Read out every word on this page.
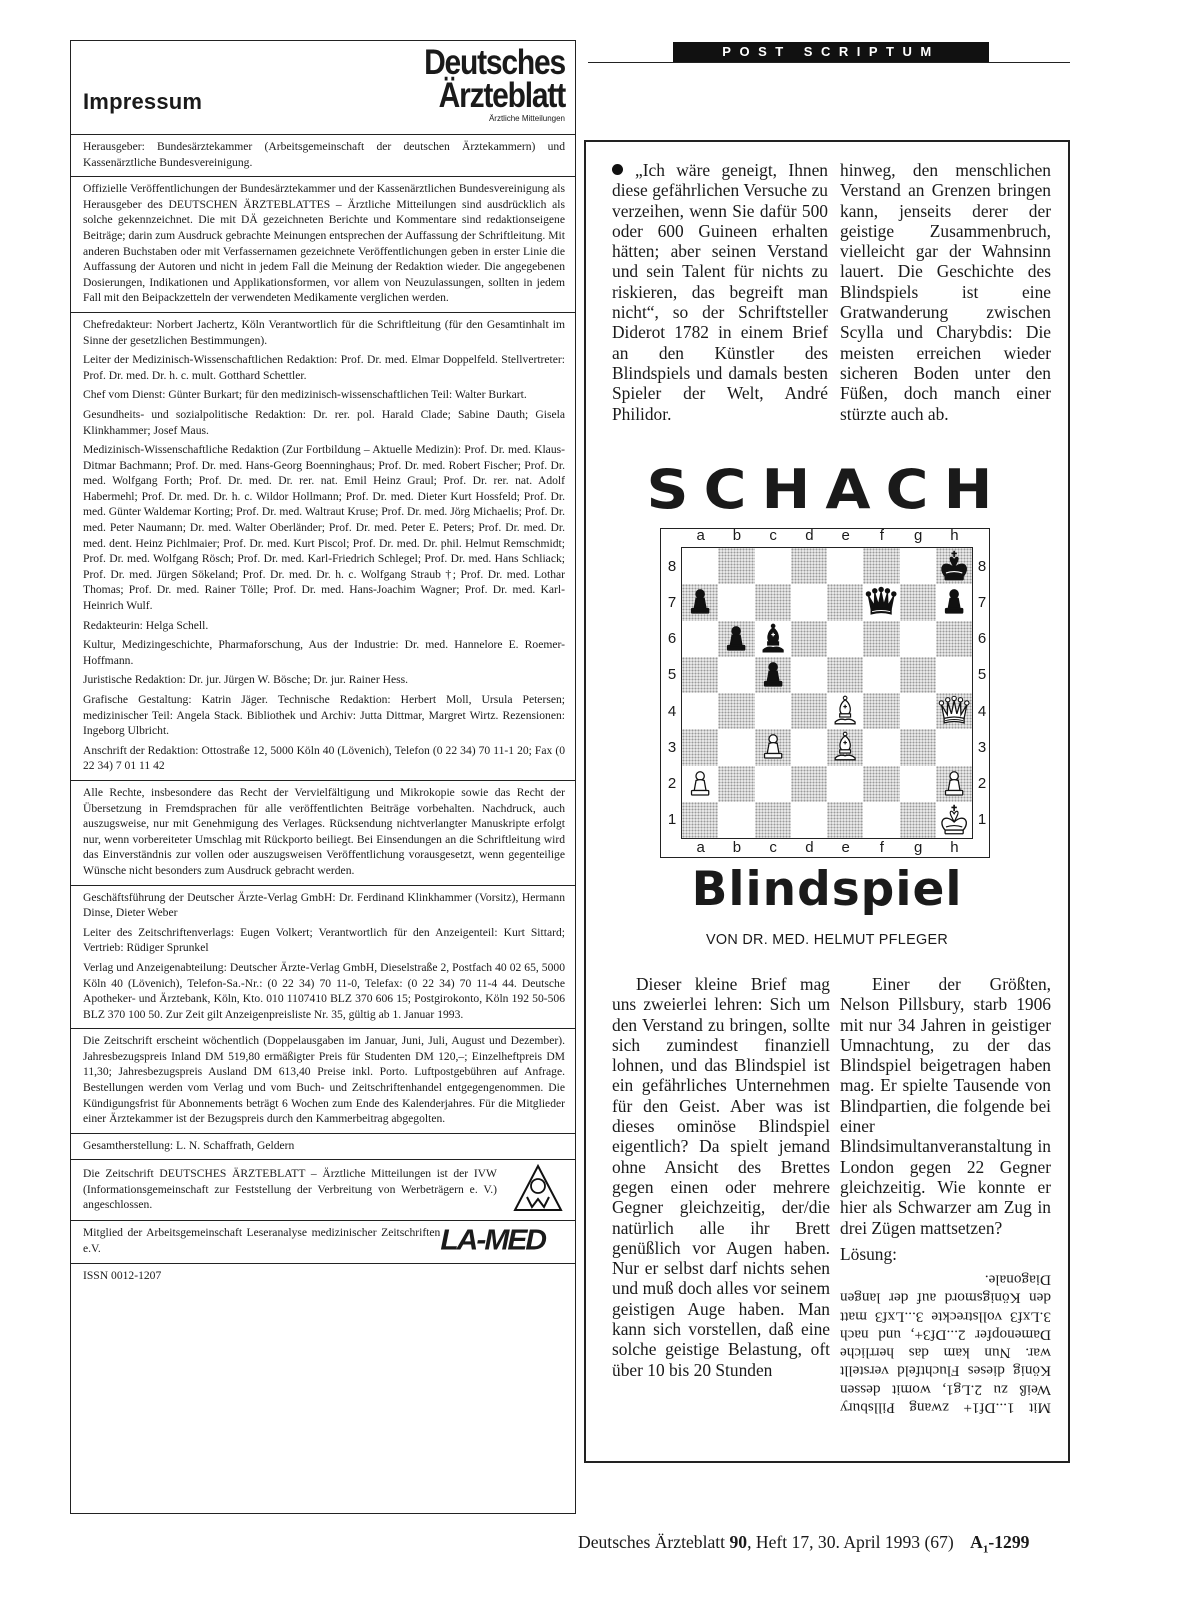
Impressum
Deutsches
Ärzteblatt
Ärztliche Mitteilungen

Herausgeber: Bundesärztekammer (Arbeitsgemeinschaft der deutschen Ärztekammern) und Kassenärztliche Bundesvereinigung.

Offizielle Veröffentlichungen der Bundesärztekammer und der Kassenärztlichen Bundesvereinigung als Herausgeber des DEUTSCHEN ÄRZTEBLATTES – Ärztliche Mitteilungen sind ausdrücklich als solche gekennzeichnet. Die mit DÄ gezeichneten Berichte und Kommentare sind redaktionseigene Beiträge; darin zum Ausdruck gebrachte Meinungen entsprechen der Auffassung der Schriftleitung. Mit anderen Buchstaben oder mit Verfassernamen gezeichnete Veröffentlichungen geben in erster Linie die Auffassung der Autoren und nicht in jedem Fall die Meinung der Redaktion wieder. Die angegebenen Dosierungen, Indikationen und Applikationsformen, vor allem von Neuzulassungen, sollten in jedem Fall mit den Beipackzetteln der verwendeten Medikamente verglichen werden.

Chefredakteur: Norbert Jachertz, Köln Verantwortlich für die Schriftleitung (für den Gesamtinhalt im Sinne der gesetzlichen Bestimmungen).

Leiter der Medizinisch-Wissenschaftlichen Redaktion: Prof. Dr. med. Elmar Doppelfeld. Stellvertreter: Prof. Dr. med. Dr. h. c. mult. Gotthard Schettler.

Chef vom Dienst: Günter Burkart; für den medizinisch-wissenschaftlichen Teil: Walter Burkart.

Gesundheits- und sozialpolitische Redaktion: Dr. rer. pol. Harald Clade; Sabine Dauth; Gisela Klinkhammer; Josef Maus.

Medizinisch-Wissenschaftliche Redaktion (Zur Fortbildung – Aktuelle Medizin): Prof. Dr. med. Klaus-Ditmar Bachmann; Prof. Dr. med. Hans-Georg Boenninghaus; Prof. Dr. med. Robert Fischer; Prof. Dr. med. Wolfgang Forth; Prof. Dr. med. Dr. rer. nat. Emil Heinz Graul; Prof. Dr. rer. nat. Adolf Habermehl; Prof. Dr. med. Dr. h. c. Wildor Hollmann; Prof. Dr. med. Dieter Kurt Hossfeld; Prof. Dr. med. Günter Waldemar Korting; Prof. Dr. med. Waltraut Kruse; Prof. Dr. med. Jörg Michaelis; Prof. Dr. med. Peter Naumann; Dr. med. Walter Oberländer; Prof. Dr. med. Peter E. Peters; Prof. Dr. med. Dr. med. dent. Heinz Pichlmaier; Prof. Dr. med. Kurt Piscol; Prof. Dr. med. Dr. phil. Helmut Remschmidt; Prof. Dr. med. Wolfgang Rösch; Prof. Dr. med. Karl-Friedrich Schlegel; Prof. Dr. med. Hans Schliack; Prof. Dr. med. Jürgen Sökeland; Prof. Dr. med. Dr. h. c. Wolfgang Straub †; Prof. Dr. med. Lothar Thomas; Prof. Dr. med. Rainer Tölle; Prof. Dr. med. Hans-Joachim Wagner; Prof. Dr. med. Karl-Heinrich Wulf.

Redakteurin: Helga Schell.

Kultur, Medizingeschichte, Pharmaforschung, Aus der Industrie: Dr. med. Hannelore E. Roemer-Hoffmann.

Juristische Redaktion: Dr. jur. Jürgen W. Bösche; Dr. jur. Rainer Hess.

Grafische Gestaltung: Katrin Jäger. Technische Redaktion: Herbert Moll, Ursula Petersen; medizinischer Teil: Angela Stack. Bibliothek und Archiv: Jutta Dittmar, Margret Wirtz. Rezensionen: Ingeborg Ulbricht.

Anschrift der Redaktion: Ottostraße 12, 5000 Köln 40 (Lövenich), Telefon (0 22 34) 70 11-1 20; Fax (0 22 34) 7 01 11 42

Alle Rechte, insbesondere das Recht der Vervielfältigung und Mikrokopie sowie das Recht der Übersetzung in Fremdsprachen für alle veröffentlichten Beiträge vorbehalten. Nachdruck, auch auszugsweise, nur mit Genehmigung des Verlages. Rücksendung nichtverlangter Manuskripte erfolgt nur, wenn vorbereiteter Umschlag mit Rückporto beiliegt. Bei Einsendungen an die Schriftleitung wird das Einverständnis zur vollen oder auszugsweisen Veröffentlichung vorausgesetzt, wenn gegenteilige Wünsche nicht besonders zum Ausdruck gebracht werden.

Geschäftsführung der Deutscher Ärzte-Verlag GmbH: Dr. Ferdinand Klinkhammer (Vorsitz), Hermann Dinse, Dieter Weber

Leiter des Zeitschriftenverlags: Eugen Volkert; Verantwortlich für den Anzeigenteil: Kurt Sittard; Vertrieb: Rüdiger Sprunkel

Verlag und Anzeigenabteilung: Deutscher Ärzte-Verlag GmbH, Dieselstraße 2, Postfach 40 02 65, 5000 Köln 40 (Lövenich), Telefon-Sa.-Nr.: (0 22 34) 70 11-0, Telefax: (0 22 34) 70 11-4 44. Deutsche Apotheker- und Ärztebank, Köln, Kto. 010 1107410 BLZ 370 606 15; Postgirokonto, Köln 192 50-506 BLZ 370 100 50. Zur Zeit gilt Anzeigenpreisliste Nr. 35, gültig ab 1. Januar 1993.

Die Zeitschrift erscheint wöchentlich (Doppelausgaben im Januar, Juni, Juli, August und Dezember). Jahresbezugspreis Inland DM 519,80 ermäßigter Preis für Studenten DM 120,–; Einzelheftpreis DM 11,30; Jahresbezugspreis Ausland DM 613,40 Preise inkl. Porto. Luftpostgebühren auf Anfrage. Bestellungen werden vom Verlag und vom Buch- und Zeitschriftenhandel entgegengenommen. Die Kündigungsfrist für Abonnements beträgt 6 Wochen zum Ende des Kalenderjahres. Für die Mitglieder einer Ärztekammer ist der Bezugspreis durch den Kammerbeitrag abgegolten.

Gesamtherstellung: L. N. Schaffrath, Geldern

Die Zeitschrift DEUTSCHES ÄRZTEBLATT – Ärztliche Mitteilungen ist der IVW (Informationsgemeinschaft zur Feststellung der Verbreitung von Werbeträgern e. V.) angeschlossen.
Mitglied der Arbeitsgemeinschaft Leseranalyse medizinischer Zeitschriften e.V.	LA-MED

ISSN 0012-1207

POST SCRIPTUM

„Ich wäre geneigt, Ihnen diese gefährlichen Versuche zu verzeihen, wenn Sie dafür 500 oder 600 Guineen erhalten hätten; aber seinen Verstand und sein Talent für nichts zu riskieren, das begreift man nicht“, so der Schriftsteller Diderot 1782 in einem Brief an den Künstler des Blindspiels und damals besten Spieler der Welt, André Philidor.

hinweg, den menschlichen Verstand an Grenzen bringen kann, jenseits derer der geistige Zusammenbruch, vielleicht gar der Wahnsinn lauert. Die Geschichte des Blindspiels ist eine Gratwanderung zwischen Scylla und Charybdis: Die meisten erreichen wieder sicheren Boden unter den Füßen, doch manch einer stürzte auch ab.

SCHACH
a
a
b
b
c
c
d
d
e
e
f
f
g
g
h
h
8	8
7	7
6	6
5	5
4	4
3	3
2	2
1	1
Blindspiel
VON DR. MED. HELMUT PFLEGER

Dieser kleine Brief mag uns zweierlei lehren: Sich um den Verstand zu bringen, sollte sich zumindest finanziell lohnen, und das Blindspiel ist ein gefährliches Unternehmen für den Geist. Aber was ist dieses ominöse Blindspiel eigentlich? Da spielt jemand ohne Ansicht des Brettes gegen einen oder mehrere Gegner gleichzeitig, der/die natürlich alle ihr Brett genüßlich vor Augen haben. Nur er selbst darf nichts sehen und muß doch alles vor seinem geistigen Auge haben. Man kann sich vorstellen, daß eine solche geistige Belastung, oft über 10 bis 20 Stunden

Einer der Größten, Nelson Pillsbury, starb 1906 mit nur 34 Jahren in geistiger Umnachtung, zu der das Blindspiel beigetragen haben mag. Er spielte Tausende von Blindpartien, die folgende bei einer Blindsimultanveranstaltung in London gegen 22 Gegner gleichzeitig. Wie konnte er hier als Schwarzer am Zug in drei Zügen mattsetzen?

Lösung:

Mit 1...Df1+ zwang Pillsbury Weiß zu 2.Lg1, womit dessen König dieses Fluchtfeld verstellt war. Nun kam das herrliche Damenopfer 2...Df3+, und nach 3.Lxf3 vollstreckte 3...Lxf3 matt den Königsmord auf der langen Diagonale.

Deutsches Ärzteblatt 90, Heft 17, 30. April 1993 (67) $A_1-1299$
